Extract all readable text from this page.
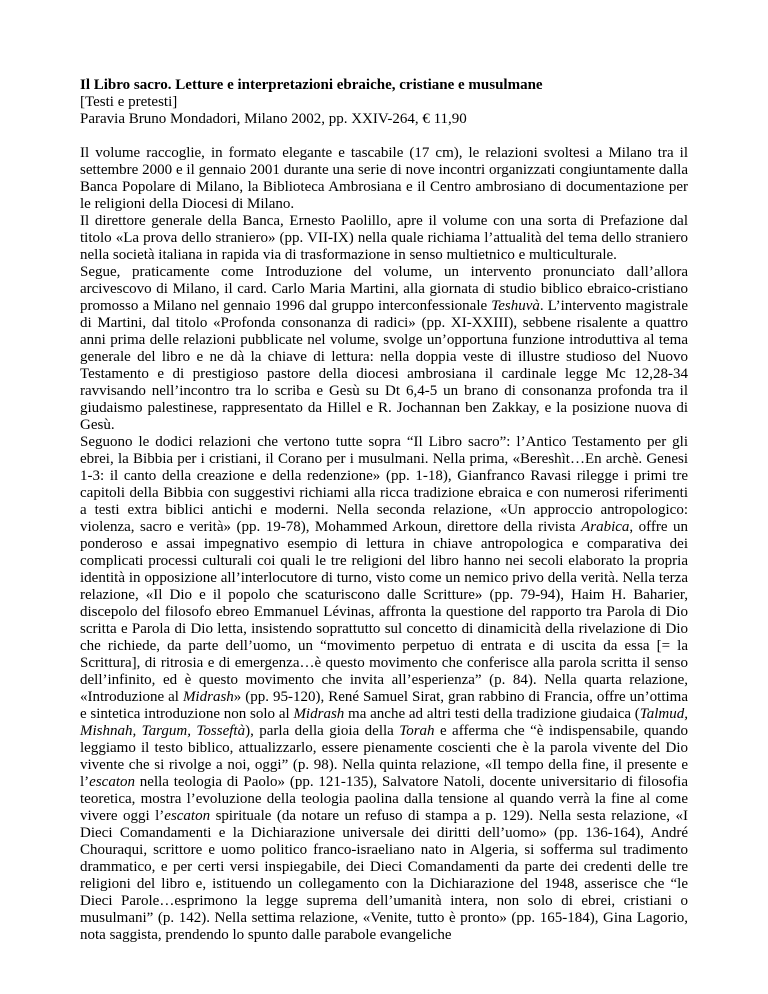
Il Libro sacro. Letture e interpretazioni ebraiche, cristiane e musulmane

[Testi e pretesti]

Paravia Bruno Mondadori, Milano 2002, pp. XXIV-264, € 11,90

Il volume raccoglie, in formato elegante e tascabile (17 cm), le relazioni svoltesi a Milano tra il settembre 2000 e il gennaio 2001 durante una serie di nove incontri organizzati congiuntamente dalla Banca Popolare di Milano, la Biblioteca Ambrosiana e il Centro ambrosiano di documentazione per le religioni della Diocesi di Milano.

Il direttore generale della Banca, Ernesto Paolillo, apre il volume con una sorta di Prefazione dal titolo «La prova dello straniero» (pp. VII-IX) nella quale richiama l’attualità del tema dello straniero nella società italiana in rapida via di trasformazione in senso multietnico e multiculturale.

Segue, praticamente come Introduzione del volume, un intervento pronunciato dall’allora arcivescovo di Milano, il card. Carlo Maria Martini, alla giornata di studio biblico ebraico-cristiano promosso a Milano nel gennaio 1996 dal gruppo interconfessionale Teshuvà. L’intervento magistrale di Martini, dal titolo «Profonda consonanza di radici» (pp. XI-XXIII), sebbene risalente a quattro anni prima delle relazioni pubblicate nel volume, svolge un’opportuna funzione introduttiva al tema generale del libro e ne dà la chiave di lettura: nella doppia veste di illustre studioso del Nuovo Testamento e di prestigioso pastore della diocesi ambrosiana il cardinale legge Mc 12,28-34 ravvisando nell’incontro tra lo scriba e Gesù su Dt 6,4-5 un brano di consonanza profonda tra il giudaismo palestinese, rappresentato da Hillel e R. Jochannan ben Zakkay, e la posizione nuova di Gesù.

Seguono le dodici relazioni che vertono tutte sopra “Il Libro sacro”: l’Antico Testamento per gli ebrei, la Bibbia per i cristiani, il Corano per i musulmani. Nella prima, «Bereshìt…En archè. Genesi 1-3: il canto della creazione e della redenzione» (pp. 1-18), Gianfranco Ravasi rilegge i primi tre capitoli della Bibbia con suggestivi richiami alla ricca tradizione ebraica e con numerosi riferimenti a testi extra biblici antichi e moderni. Nella seconda relazione, «Un approccio antropologico: violenza, sacro e verità» (pp. 19-78), Mohammed Arkoun, direttore della rivista Arabica, offre un ponderoso e assai impegnativo esempio di lettura in chiave antropologica e comparativa dei complicati processi culturali coi quali le tre religioni del libro hanno nei secoli elaborato la propria identità in opposizione all’interlocutore di turno, visto come un nemico privo della verità. Nella terza relazione, «Il Dio e il popolo che scaturiscono dalle Scritture» (pp. 79-94), Haim H. Baharier, discepolo del filosofo ebreo Emmanuel Lévinas, affronta la questione del rapporto tra Parola di Dio scritta e Parola di Dio letta, insistendo soprattutto sul concetto di dinamicità della rivelazione di Dio che richiede, da parte dell’uomo, un “movimento perpetuo di entrata e di uscita da essa [= la Scrittura], di ritrosia e di emergenza…è questo movimento che conferisce alla parola scritta il senso dell’infinito, ed è questo movimento che invita all’esperienza” (p. 84). Nella quarta relazione, «Introduzione al Midrash» (pp. 95-120), René Samuel Sirat, gran rabbino di Francia, offre un’ottima e sintetica introduzione non solo al Midrash ma anche ad altri testi della tradizione giudaica (Talmud, Mishnah, Targum, Tosseftà), parla della gioia della Torah e afferma che “è indispensabile, quando leggiamo il testo biblico, attualizzarlo, essere pienamente coscienti che è la parola vivente del Dio vivente che si rivolge a noi, oggi” (p. 98). Nella quinta relazione, «Il tempo della fine, il presente e l’escaton nella teologia di Paolo» (pp. 121-135), Salvatore Natoli, docente universitario di filosofia teoretica, mostra l’evoluzione della teologia paolina dalla tensione al quando verrà la fine al come vivere oggi l’escaton spirituale (da notare un refuso di stampa a p. 129). Nella sesta relazione, «I Dieci Comandamenti e la Dichiarazione universale dei diritti dell’uomo» (pp. 136-164), André Chouraqui, scrittore e uomo politico franco-israeliano nato in Algeria, si sofferma sul tradimento drammatico, e per certi versi inspiegabile, dei Dieci Comandamenti da parte dei credenti delle tre religioni del libro e, istituendo un collegamento con la Dichiarazione del 1948, asserisce che “le Dieci Parole…esprimono la legge suprema dell’umanità intera, non solo di ebrei, cristiani o musulmani” (p. 142). Nella settima relazione, «Venite, tutto è pronto» (pp. 165-184), Gina Lagorio, nota saggista, prendendo lo spunto dalle parabole evangeliche
